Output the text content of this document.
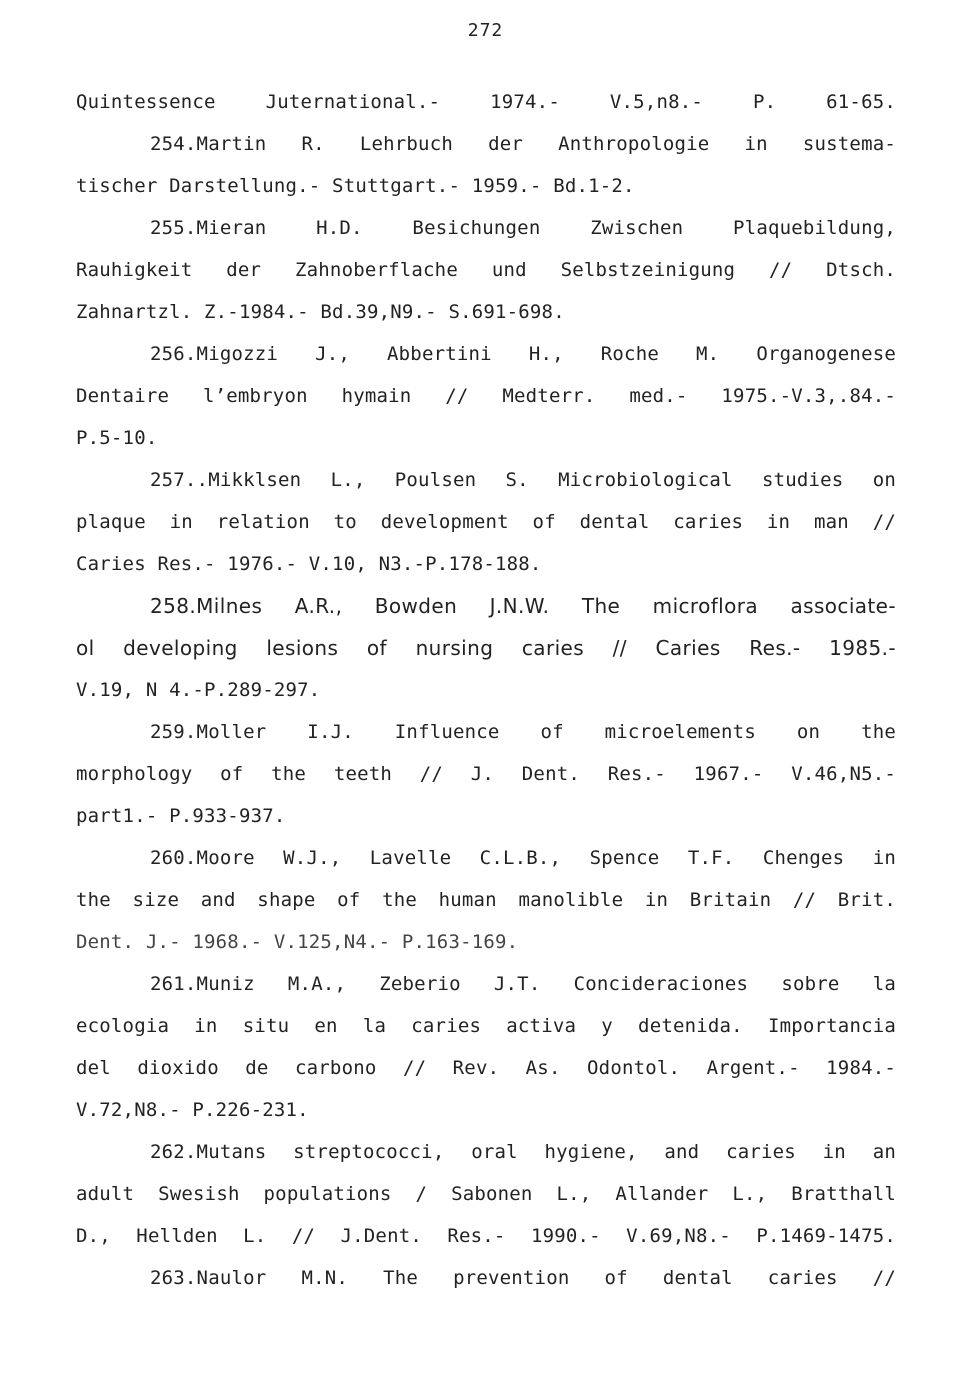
272
Quintessence Juternational.- 1974.- V.5,n8.- P. 61-65.
254.Martin R. Lehrbuch der Anthropologie in sustema-
tischer Darstellung.- Stuttgart.- 1959.- Bd.1-2.
255.Mieran H.D. Besichungen Zwischen Plaquebildung,
Rauhigkeit der Zahnoberflache und Selbstzeinigung // Dtsch.
Zahnartzl. Z.-1984.- Bd.39,N9.- S.691-698.
256.Migozzi J., Abbertini H., Roche M. Organogenese
Dentaire l’embryon hymain // Medterr. med.- 1975.-V.3,.84.-
P.5-10.
257..Mikklsen L., Poulsen S. Microbiological studies on
plaque in relation to development of dental caries in man //
Caries Res.- 1976.- V.10, N3.-P.178-188.
258.Milnes A.R., Bowden J.N.W. The microflora associate-
ol developing lesions of nursing caries // Caries Res.- 1985.-
V.19, N 4.-P.289-297.
259.Moller I.J. Influence of microelements on the
morphology of the teeth // J. Dent. Res.- 1967.- V.46,N5.-
part1.- P.933-937.
260.Moore W.J., Lavelle C.L.B., Spence T.F. Chenges in
the size and shape of the human manolible in Britain // Brit.
Dent. J.- 1968.- V.125,N4.- P.163-169.
261.Muniz M.A., Zeberio J.T. Concideraciones sobre la
ecologia in situ en la caries activa y detenida. Importancia
del dioxido de carbono // Rev. As. Odontol. Argent.- 1984.-
V.72,N8.- P.226-231.
262.Mutans streptococci, oral hygiene, and caries in an
adult Swesish populations / Sabonen L., Allander L., Bratthall
D., Hellden L. // J.Dent. Res.- 1990.- V.69,N8.- P.1469-1475.
263.Naulor M.N. The prevention of dental caries //
